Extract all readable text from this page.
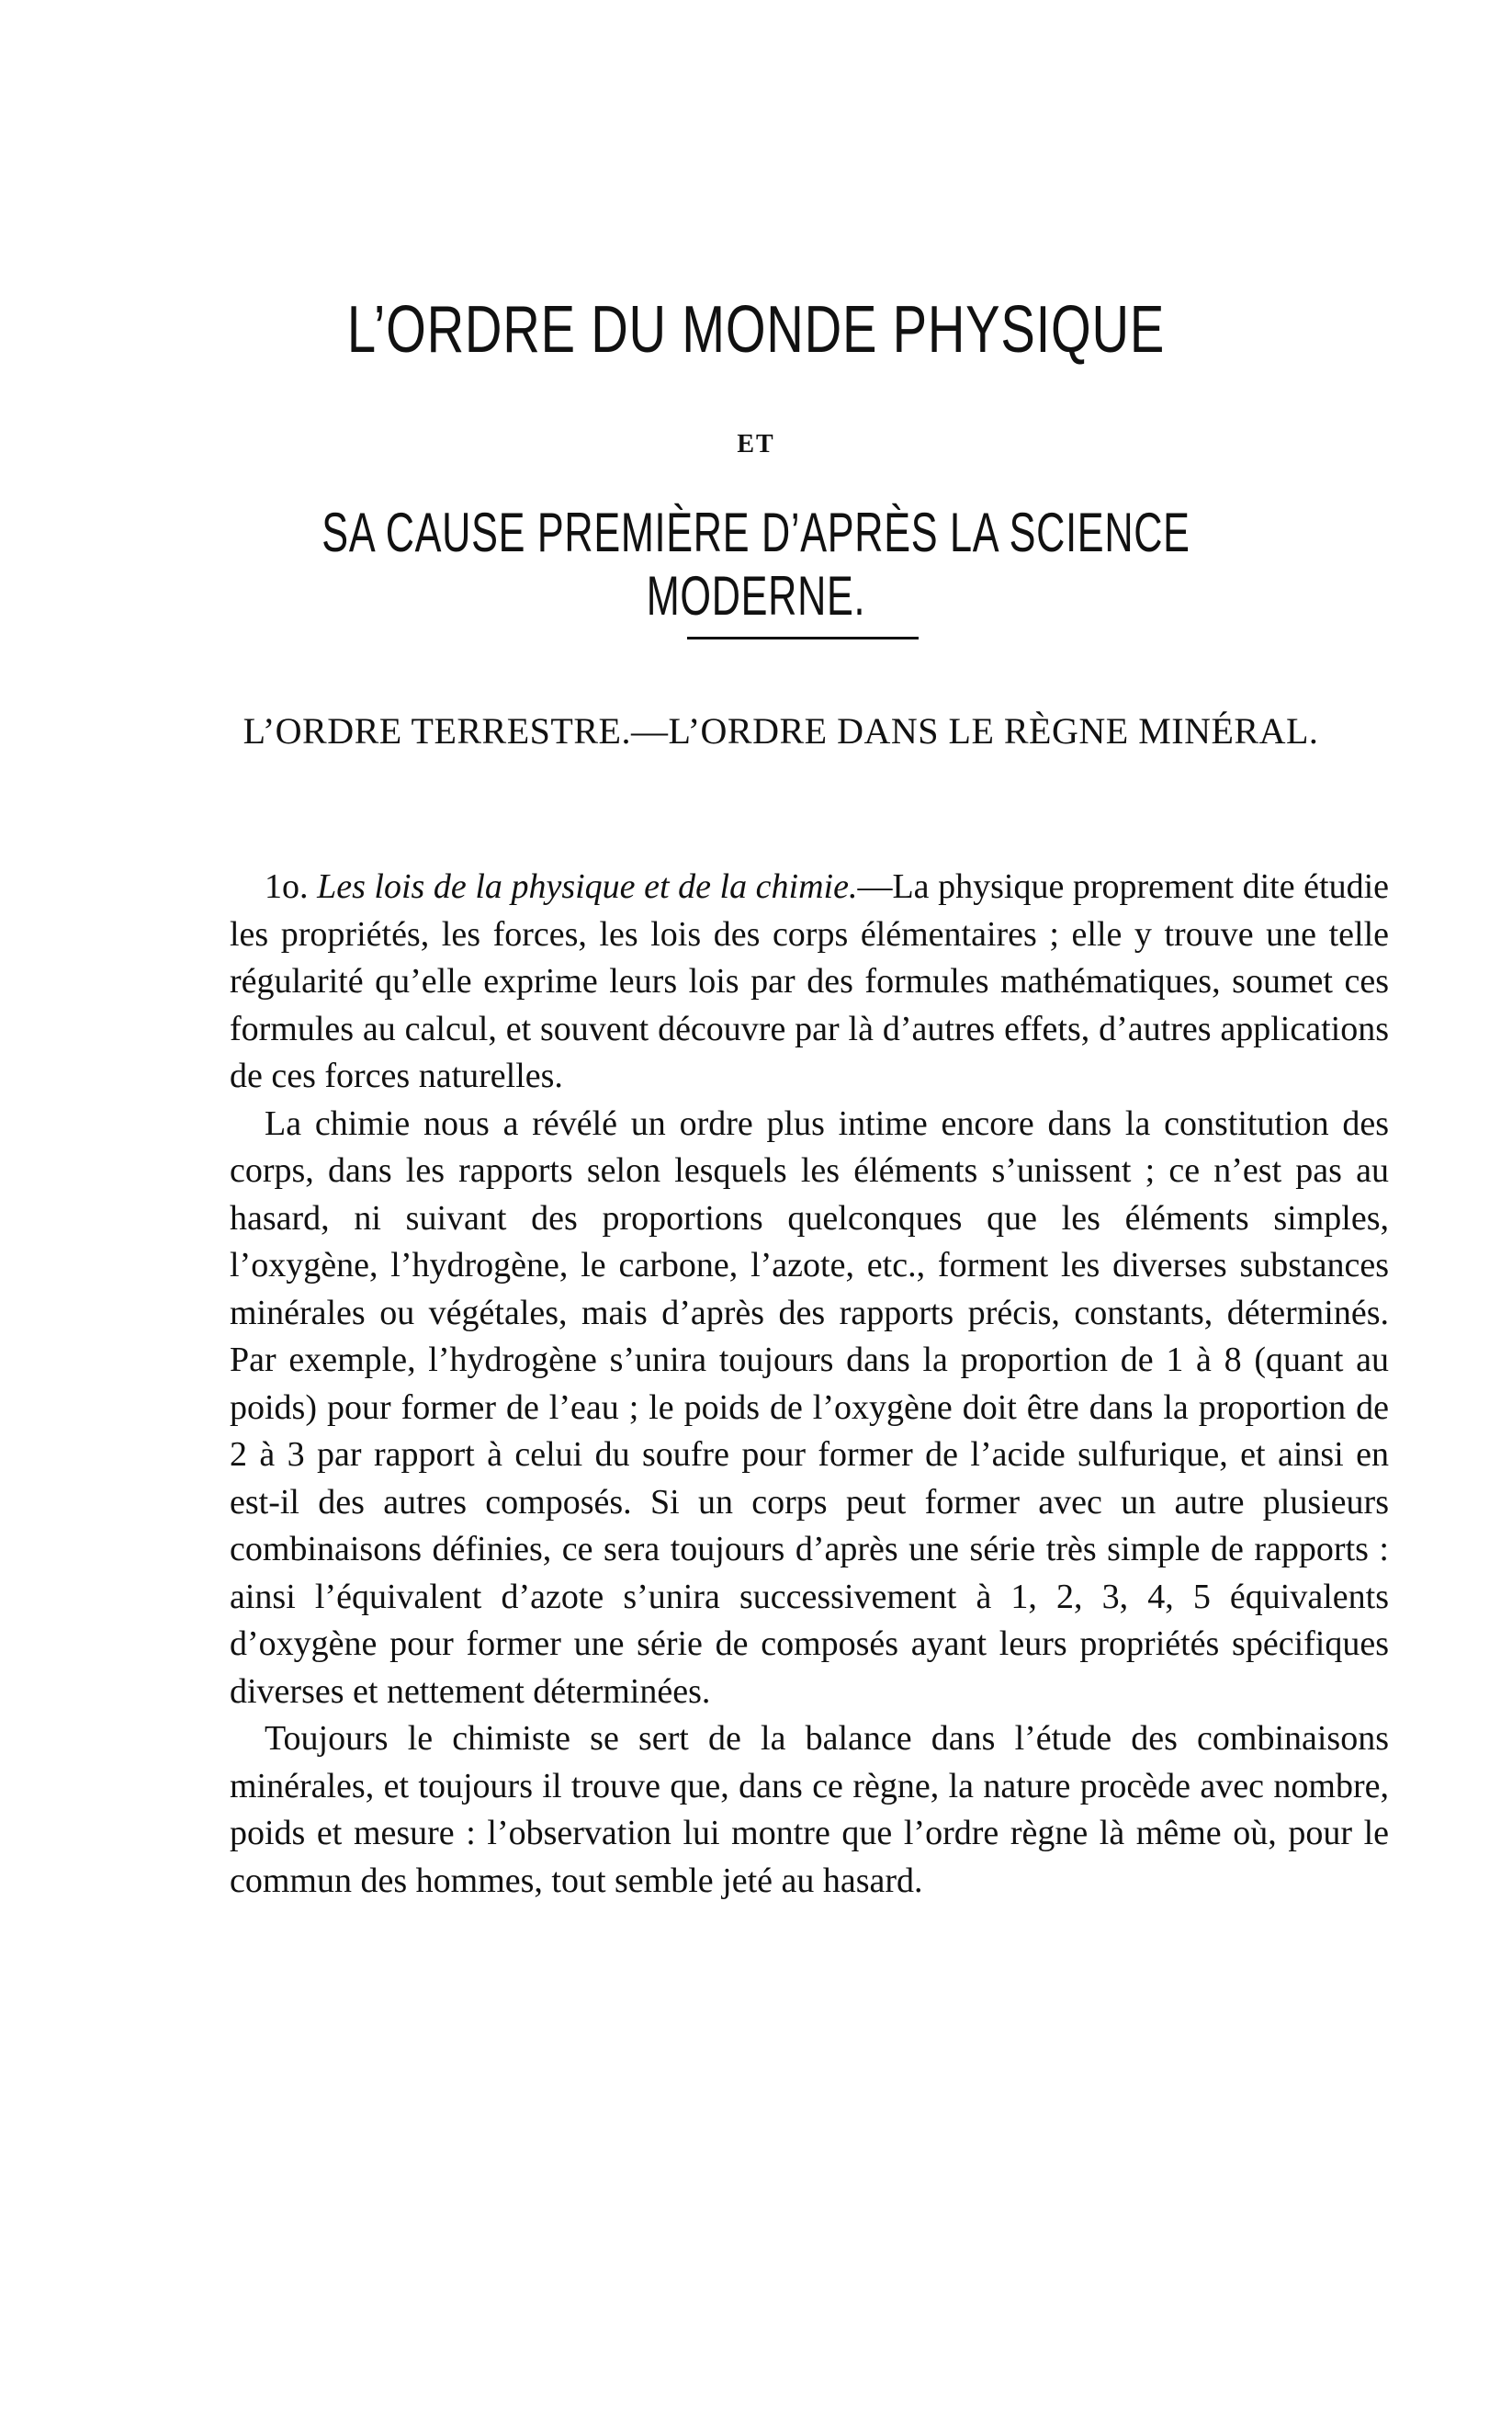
L’ORDRE DU MONDE PHYSIQUE
ET
SA CAUSE PREMIÈRE D’APRÈS LA SCIENCE MODERNE.
L’ORDRE TERRESTRE.—L’ORDRE DANS LE RÈGNE MINÉRAL.

1o. Les lois de la physique et de la chimie.—La physique proprement dite étudie les propriétés, les forces, les lois des corps élémentaires ; elle y trouve une telle régularité qu’elle exprime leurs lois par des formules mathématiques, soumet ces formules au calcul, et souvent découvre par là d’autres effets, d’autres applications de ces forces naturelles.

La chimie nous a révélé un ordre plus intime encore dans la constitution des corps, dans les rapports selon lesquels les éléments s’unissent ; ce n’est pas au hasard, ni suivant des proportions quelconques que les éléments simples, l’oxygène, l’hydrogène, le carbone, l’azote, etc., forment les diverses substances minérales ou végétales, mais d’après des rapports précis, constants, déterminés. Par exemple, l’hydrogène s’unira toujours dans la proportion de 1 à 8 (quant au poids) pour former de l’eau ; le poids de l’oxygène doit être dans la proportion de 2 à 3 par rapport à celui du soufre pour former de l’acide sulfurique, et ainsi en est-il des autres composés. Si un corps peut former avec un autre plusieurs combinaisons définies, ce sera toujours d’après une série très simple de rapports : ainsi l’équivalent d’azote s’unira successivement à 1, 2, 3, 4, 5 équivalents d’oxygène pour former une série de composés ayant leurs propriétés spécifiques diverses et nettement déterminées.

Toujours le chimiste se sert de la balance dans l’étude des combinaisons minérales, et toujours il trouve que, dans ce règne, la nature procède avec nombre, poids et mesure : l’observation lui montre que l’ordre règne là même où, pour le commun des hommes, tout semble jeté au hasard.
